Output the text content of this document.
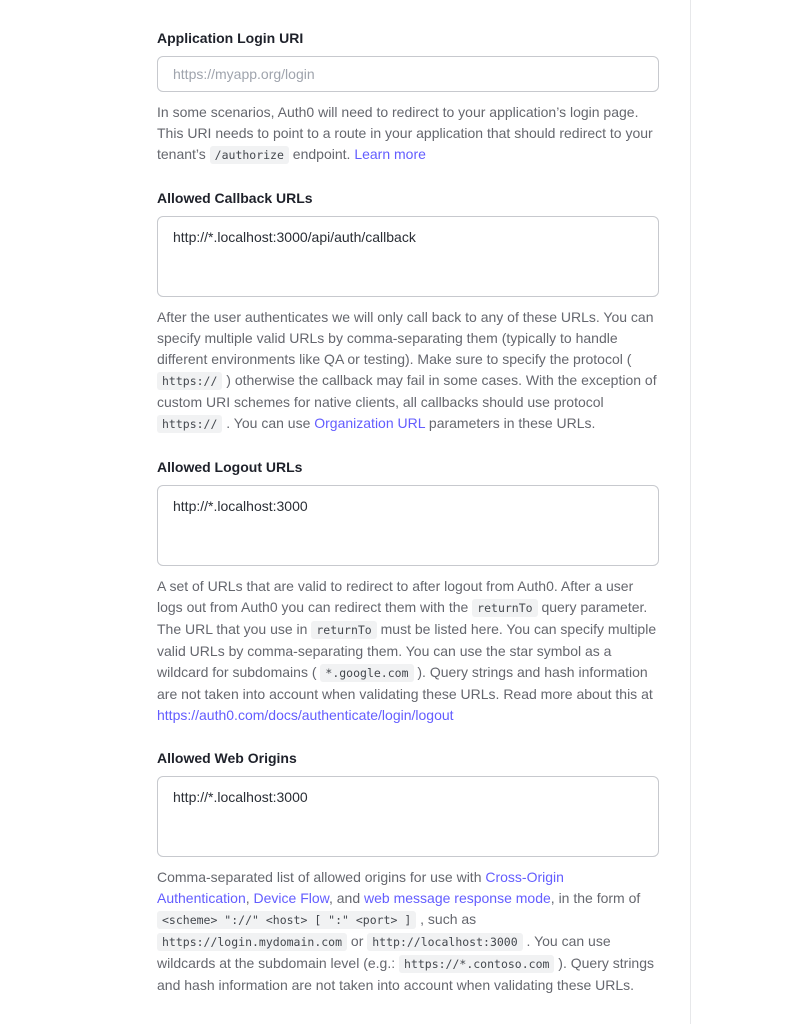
Application Login URI
https://myapp.org/login

In some scenarios, Auth0 will need to redirect to your application’s login page. This URI needs to point to a route in your application that should redirect to your tenant’s /authorize endpoint. Learn more

Allowed Callback URLs
http://*.localhost:3000/api/auth/callback

After the user authenticates we will only call back to any of these URLs. You can specify multiple valid URLs by comma-separating them (typically to handle different environments like QA or testing). Make sure to specify the protocol ( https:// ) otherwise the callback may fail in some cases. With the exception of custom URI schemes for native clients, all callbacks should use protocol https:// . You can use Organization URL parameters in these URLs.

Allowed Logout URLs
http://*.localhost:3000

A set of URLs that are valid to redirect to after logout from Auth0. After a user logs out from Auth0 you can redirect them with the returnTo query parameter. The URL that you use in returnTo must be listed here. You can specify multiple valid URLs by comma-separating them. You can use the star symbol as a wildcard for subdomains ( *.google.com ). Query strings and hash information are not taken into account when validating these URLs. Read more about this at https://auth0.com/docs/authenticate/login/logout

Allowed Web Origins
http://*.localhost:3000

Comma-separated list of allowed origins for use with Cross-Origin Authentication, Device Flow, and web message response mode, in the form of <scheme> "://" <host> [ ":" <port> ] , such as https://login.mydomain.com or http://localhost:3000 . You can use wildcards at the subdomain level (e.g.: https://*.contoso.com ). Query strings and hash information are not taken into account when validating these URLs.
